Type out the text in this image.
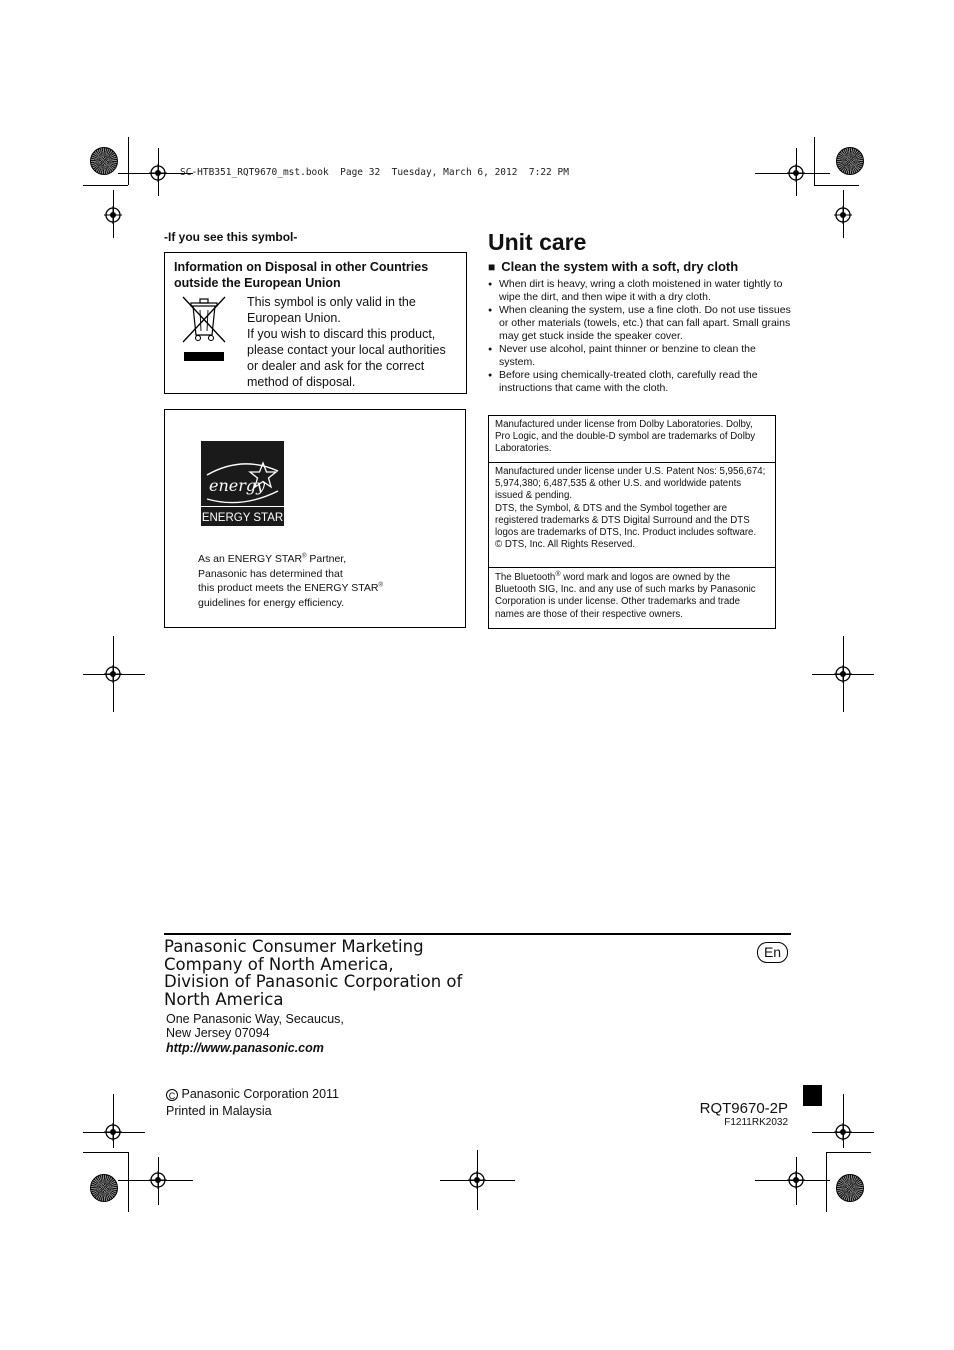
SC-HTB351_RQT9670_mst.book  Page 32  Tuesday, March 6, 2012  7:22 PM
-If you see this symbol-
Information on Disposal in other Countries
outside the European Union
This symbol is only valid in the
European Union.
If you wish to discard this product,
please contact your local authorities
or dealer and ask for the correct
method of disposal.
energy
ENERGY STAR
As an ENERGY STAR® Partner,
Panasonic has determined that
this product meets the ENERGY STAR®
guidelines for energy efficiency.
Unit care
■ Clean the system with a soft, dry cloth
● When dirt is heavy, wring a cloth moistened in water tightly to wipe the dirt, and then wipe it with a dry cloth.
● When cleaning the system, use a fine cloth. Do not use tissues or other materials (towels, etc.) that can fall apart. Small grains may get stuck inside the speaker cover.
● Never use alcohol, paint thinner or benzine to clean the system.
● Before using chemically-treated cloth, carefully read the instructions that came with the cloth.
Manufactured under license from Dolby Laboratories. Dolby, Pro Logic, and the double-D symbol are trademarks of Dolby Laboratories.
Manufactured under license under U.S. Patent Nos: 5,956,674; 5,974,380; 6,487,535 & other U.S. and worldwide patents issued & pending.
DTS, the Symbol, & DTS and the Symbol together are registered trademarks & DTS Digital Surround and the DTS logos are trademarks of DTS, Inc. Product includes software.
© DTS, Inc. All Rights Reserved.
The Bluetooth® word mark and logos are owned by the Bluetooth SIG, Inc. and any use of such marks by Panasonic Corporation is under license. Other trademarks and trade names are those of their respective owners.
Panasonic Consumer Marketing
Company of North America,
Division of Panasonic Corporation of
North America
One Panasonic Way, Secaucus,
New Jersey 07094
http://www.panasonic.com
En
C Panasonic Corporation 2011
Printed in Malaysia	RQT9670-2P
F1211RK2032
